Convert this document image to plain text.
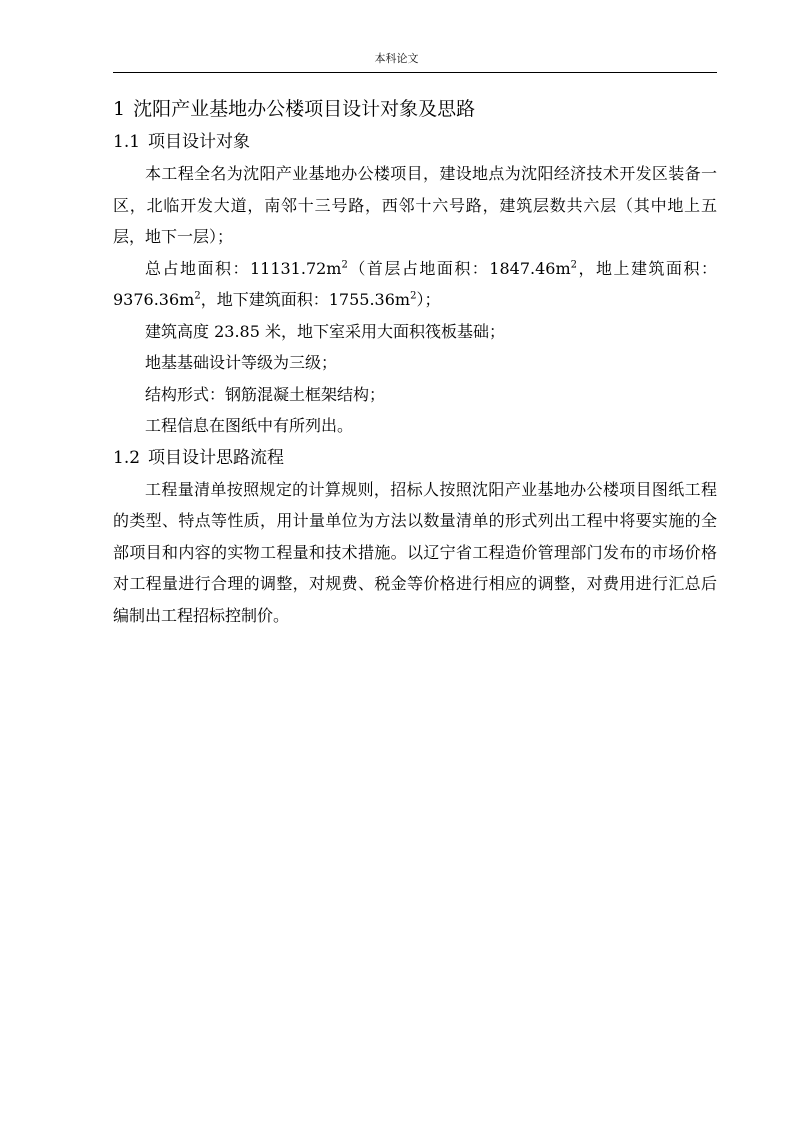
本科论文
1 沈阳产业基地办公楼项目设计对象及思路
1.1 项目设计对象

本工程全名为沈阳产业基地办公楼项目，建设地点为沈阳经济技术开发区装备一区，北临开发大道，南邻十三号路，西邻十六号路，建筑层数共六层（其中地上五层，地下一层）；

总占地面积：$11131.72m^2$（首层占地面积：$1847.46m^2$，地上建筑面积：$9376.36m^2$，地下建筑面积：$1755.36m^2$）；

建筑高度 23.85 米，地下室采用大面积筏板基础；

地基基础设计等级为三级；

结构形式：钢筋混凝土框架结构；

工程信息在图纸中有所列出。

1.2 项目设计思路流程

工程量清单按照规定的计算规则，招标人按照沈阳产业基地办公楼项目图纸工程的类型、特点等性质，用计量单位为方法以数量清单的形式列出工程中将要实施的全部项目和内容的实物工程量和技术措施。以辽宁省工程造价管理部门发布的市场价格对工程量进行合理的调整，对规费、税金等价格进行相应的调整，对费用进行汇总后编制出工程招标控制价。
